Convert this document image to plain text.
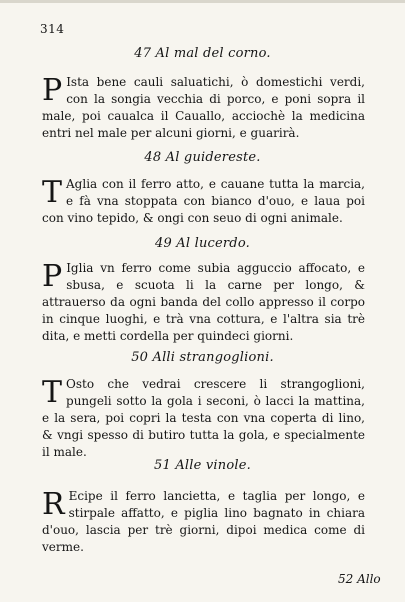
314
47 Al mal del corno.
P Ista bene cauli saluatichi, ò domestichi verdi, con la songia vecchia di porco, e poni sopra il male, poi caualca il Cauallo, acciochè la medicina entri nel male per alcuni giorni, e guarirà.
48 Al guidereste.
T Aglia con il ferro atto, e cauane tutta la marcia, e fà vna stoppata con bianco d'ouo, e laua poi con vino tepido, & ongi con seuo di ogni animale.
49 Al lucerdo.
P Iglia vn ferro come subia agguccio affocato, e sbusa, e scuota li la carne per longo, & attrauerso da ogni banda del collo appresso il corpo in cinque luoghi, e trà vna cottura, e l'altra sia trè dita, e metti cordella per quindeci giorni.
50 Alli strangoglioni.
T Osto che vedrai crescere li strangoglioni, pungeli sotto la gola i seconi, ò lacci la mattina, e la sera, poi copri la testa con vna coperta di lino, & vngi spesso di butiro tutta la gola, e specialmente il male.
51 Alle vinole.
R Ecipe il ferro lancietta, e taglia per longo, e stirpale affatto, e piglia lino bagnato in chiara d'ouo, lascia per trè giorni, dipoi medica come di verme.
52 Allo
